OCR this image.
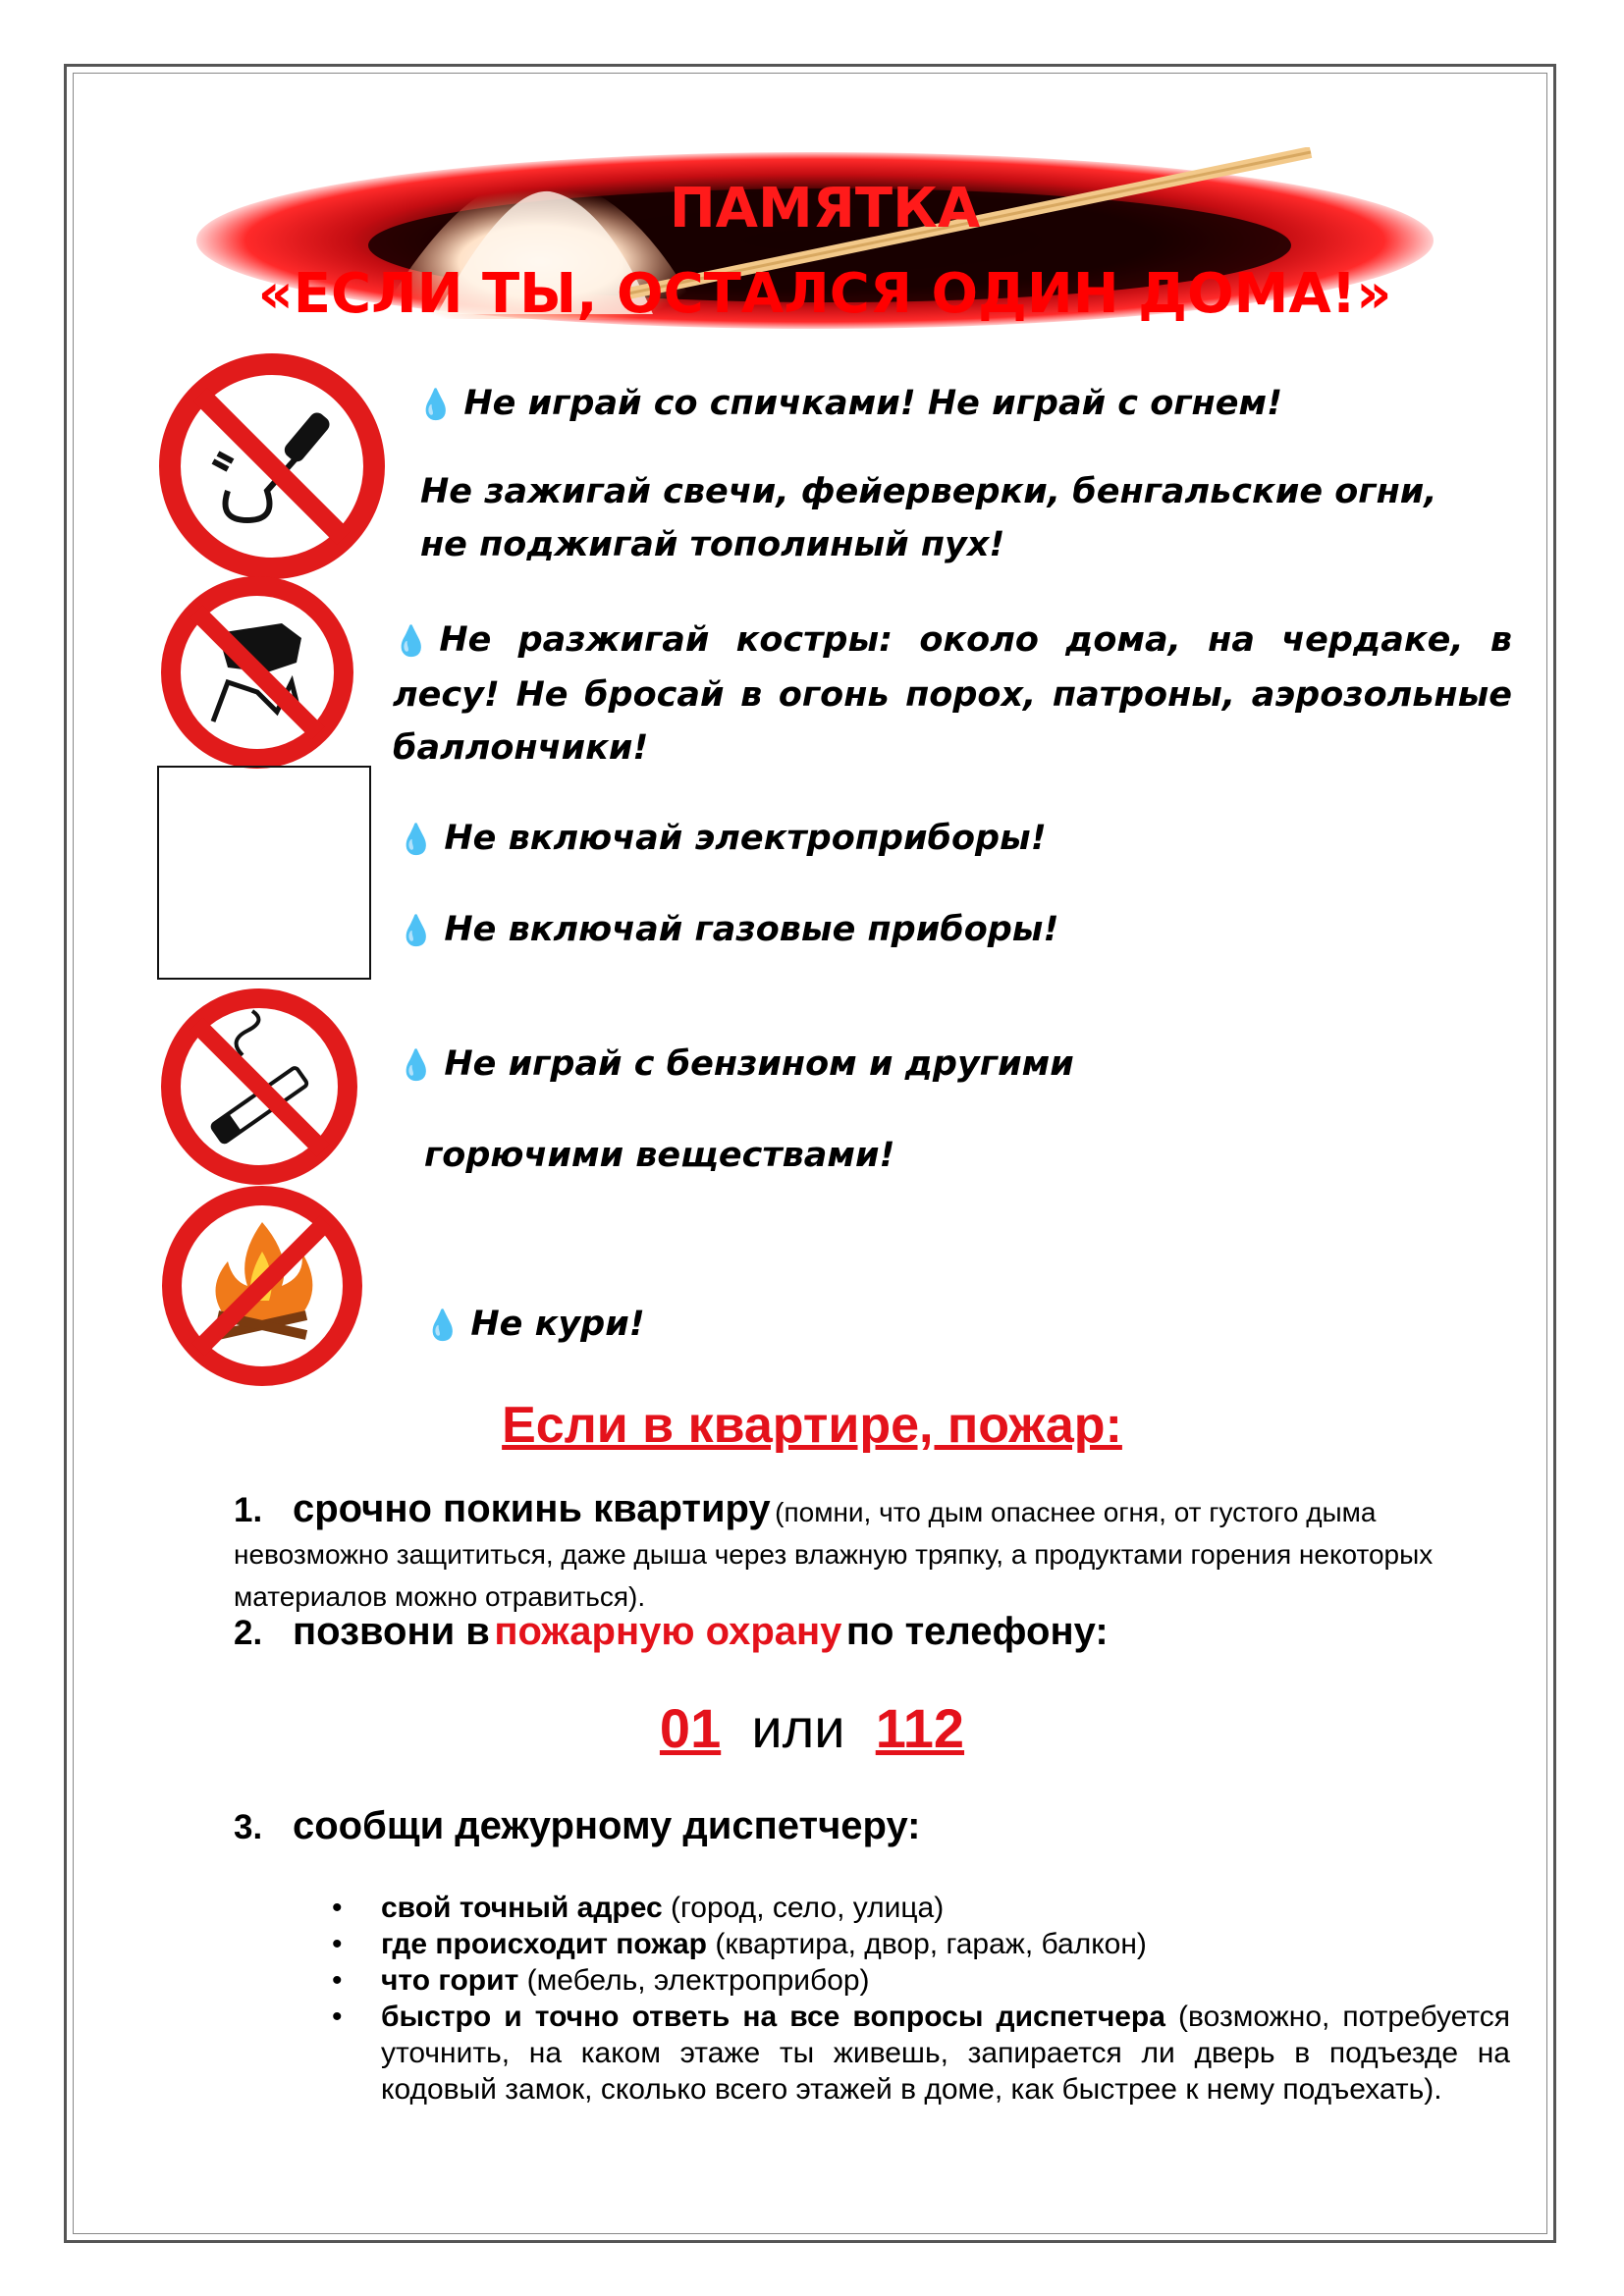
ПАМЯТКА
«ЕСЛИ ТЫ, ОСТАЛСЯ ОДИН ДОМА!»
💧 Не играй со спичками! Не играй с огнем!
Не зажигай свечи, фейерверки, бенгальские огни, не поджигай тополиный пух!
💧 Не разжигай костры: около дома, на чердаке, в лесу! Не бросай в огонь порох, патроны, аэрозольные баллончики!
💧 Не включай электроприборы!
💧 Не включай газовые приборы!
💧 Не играй с бензином и другими
горючими веществами!
💧 Не кури!
Если в квартире, пожар:
1. срочно покинь квартиру (помни, что дым опаснее огня, от густого дыма невозможно защититься, даже дыша через влажную тряпку, а продуктами горения некоторых материалов можно отравиться).
2. позвони в пожарную охрану по телефону:
01 или 112
3. сообщи дежурному диспетчеру:
• свой точный адрес (город, село, улица)
• где происходит пожар (квартира, двор, гараж, балкон)
• что горит (мебель, электроприбор)
• быстро и точно ответь на все вопросы диспетчера (возможно, потребуется уточнить, на каком этаже ты живешь, запирается ли дверь в подъезде на кодовый замок, сколько всего этажей в доме, как быстрее к нему подъехать).
